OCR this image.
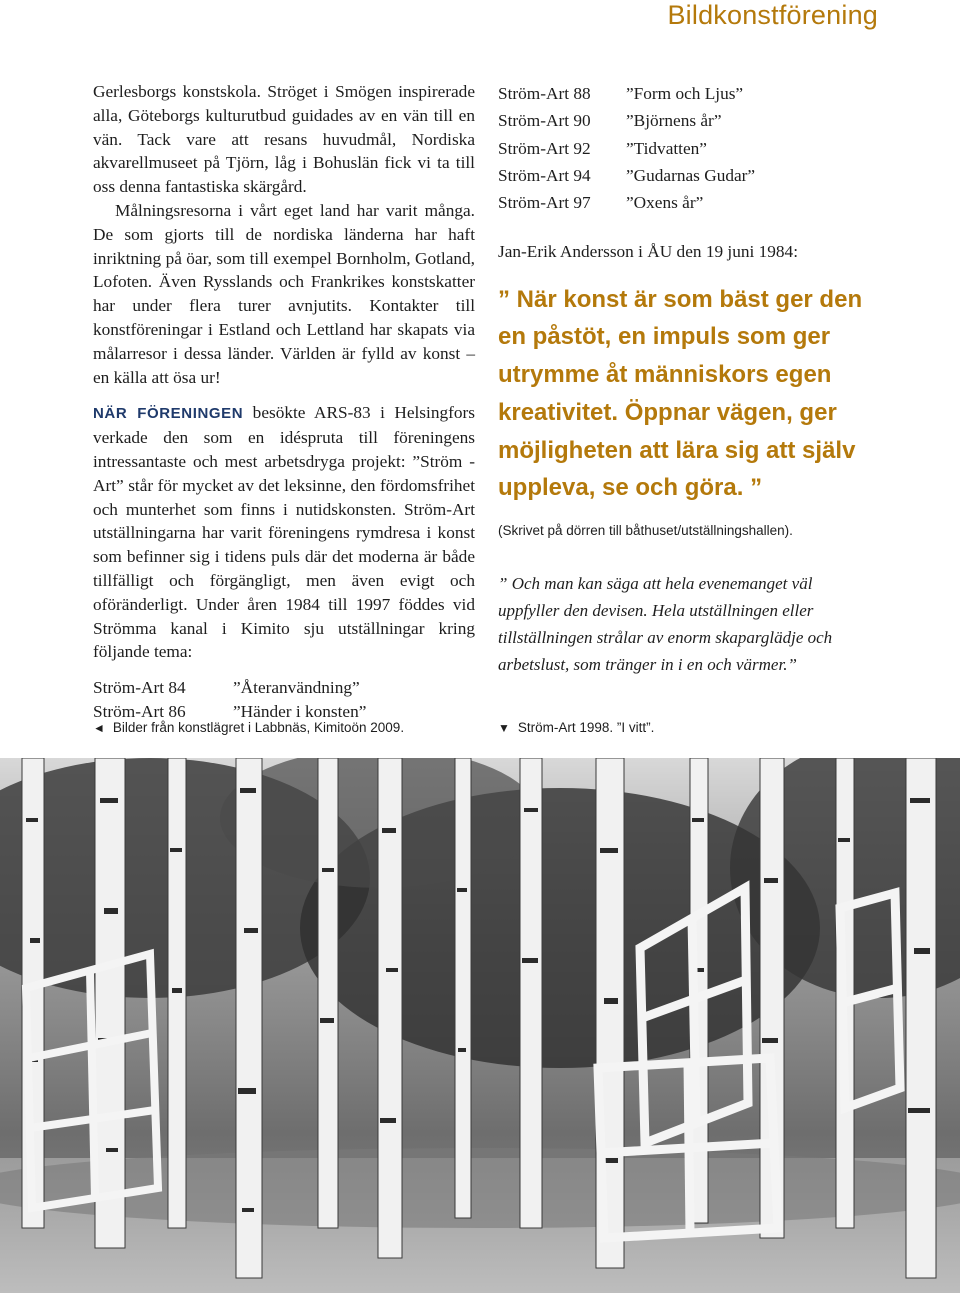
Bildkonstförening

Gerlesborgs konstskola. Ströget i Smögen inspirerade alla, Göteborgs kulturutbud guidades av en vän till en vän. Tack vare att resans huvudmål, Nordiska akvarellmuseet på Tjörn, låg i Bohuslän fick vi ta till oss denna fantastiska skärgård.

Målningsresorna i vårt eget land har varit många. De som gjorts till de nordiska länderna har haft inriktning på öar, som till exempel Bornholm, Gotland, Lofoten. Även Rysslands och Frankrikes konstskatter har under flera turer avnjutits. Kontakter till konstföreningar i Estland och Lettland har skapats via målarresor i dessa länder. Världen är fylld av konst – en källa att ösa ur!

NÄR FÖRENINGEN besökte ARS-83 i Helsingfors verkade den som en idéspruta till föreningens intressantaste och mest arbetsdryga projekt: ”Ström - Art” står för mycket av det leksinne, den fördomsfrihet och munterhet som finns i nutidskonsten. Ström-Art utställningarna har varit föreningens rymdresa i konst som befinner sig i tidens puls där det moderna är både tillfälligt och förgängligt, men även evigt och oföränderligt. Under åren 1984 till 1997 föddes vid Strömma kanal i Kimito sju utställningar kring följande tema:

Ström-Art 84	”Återanvändning”
Ström-Art 86	”Händer i konsten”
Ström-Art 88	”Form och Ljus”
Ström-Art 90	”Björnens år”
Ström-Art 92	”Tidvatten”
Ström-Art 94	”Gudarnas Gudar”
Ström-Art 97	”Oxens år”
Jan-Erik Andersson i ÅU den 19 juni 1984:
” När konst är som bäst ger den en påstöt, en impuls som ger utrymme åt människors egen kreativitet. Öppnar vägen, ger möjligheten att lära sig att själv uppleva, se och göra. ”
(Skrivet på dörren till båthuset/utställningshallen).
” Och man kan säga att hela evenemanget väl uppfyller den devisen. Hela utställningen eller tillställningen strålar av enorm skaparglädje och arbetslust, som tränger in i en och värmer.”
◄ Bilder från konstlägret i Labbnäs, Kimitoön 2009.	▼ Ström-Art 1998. ”I vitt”.
